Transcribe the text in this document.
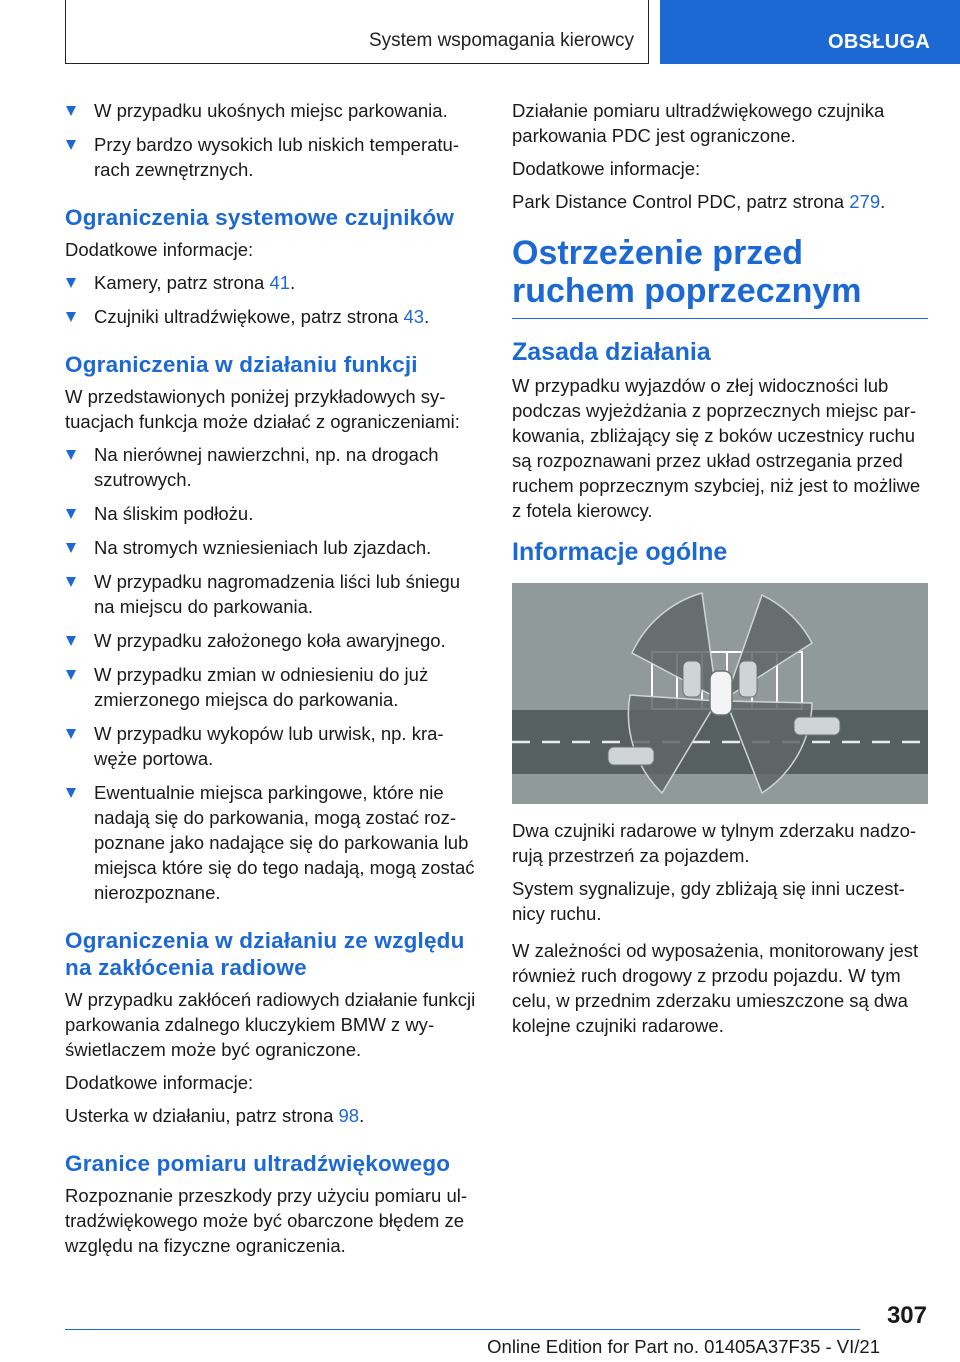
System wspomagania kierowcy	OBSŁUGA

W przypadku ukośnych miejsc parkowania.

Przy bardzo wysokich lub niskich temperaturach zewnętrznych.

Ograniczenia systemowe czujników

Dodatkowe informacje:

Kamery, patrz strona 41.

Czujniki ultradźwiękowe, patrz strona 43.

Ograniczenia w działaniu funkcji

W przedstawionych poniżej przykładowych sytuacjach funkcja może działać z ograniczeniami:

Na nierównej nawierzchni, np. na drogach szutrowych.

Na śliskim podłożu.

Na stromych wzniesieniach lub zjazdach.

W przypadku nagromadzenia liści lub śniegu na miejscu do parkowania.

W przypadku założonego koła awaryjnego.

W przypadku zmian w odniesieniu do już zmierzonego miejsca do parkowania.

W przypadku wykopów lub urwisk, np. krawęże portowa.

Ewentualnie miejsca parkingowe, które nie nadają się do parkowania, mogą zostać rozpoznane jako nadające się do parkowania lub miejsca które się do tego nadają, mogą zostać nierozpoznane.

Ograniczenia w działaniu ze względu na zakłócenia radiowe

W przypadku zakłóceń radiowych działanie funkcji parkowania zdalnego kluczykiem BMW z wyświetlaczem może być ograniczone.

Dodatkowe informacje:

Usterka w działaniu, patrz strona 98.

Granice pomiaru ultradźwiękowego

Rozpoznanie przeszkody przy użyciu pomiaru ultradźwiękowego może być obarczone błędem ze względu na fizyczne ograniczenia.

Działanie pomiaru ultradźwiękowego czujnika parkowania PDC jest ograniczone.

Dodatkowe informacje:

Park Distance Control PDC, patrz strona 279.

Ostrzeżenie przed ruchem poprzecznym
Zasada działania

W przypadku wyjazdów o złej widoczności lub podczas wyjeżdżania z poprzecznych miejsc parkowania, zbliżający się z boków uczestnicy ruchu są rozpoznawani przez układ ostrzegania przed ruchem poprzecznym szybciej, niż jest to możliwe z fotela kierowcy.

Informacje ogólne

Dwa czujniki radarowe w tylnym zderzaku nadzorują przestrzeń za pojazdem.

System sygnalizuje, gdy zbliżają się inni uczestnicy ruchu.

W zależności od wyposażenia, monitorowany jest również ruch drogowy z przodu pojazdu. W tym celu, w przednim zderzaku umieszczone są dwa kolejne czujniki radarowe.

307
Online Edition for Part no. 01405A37F35 - VI/21
